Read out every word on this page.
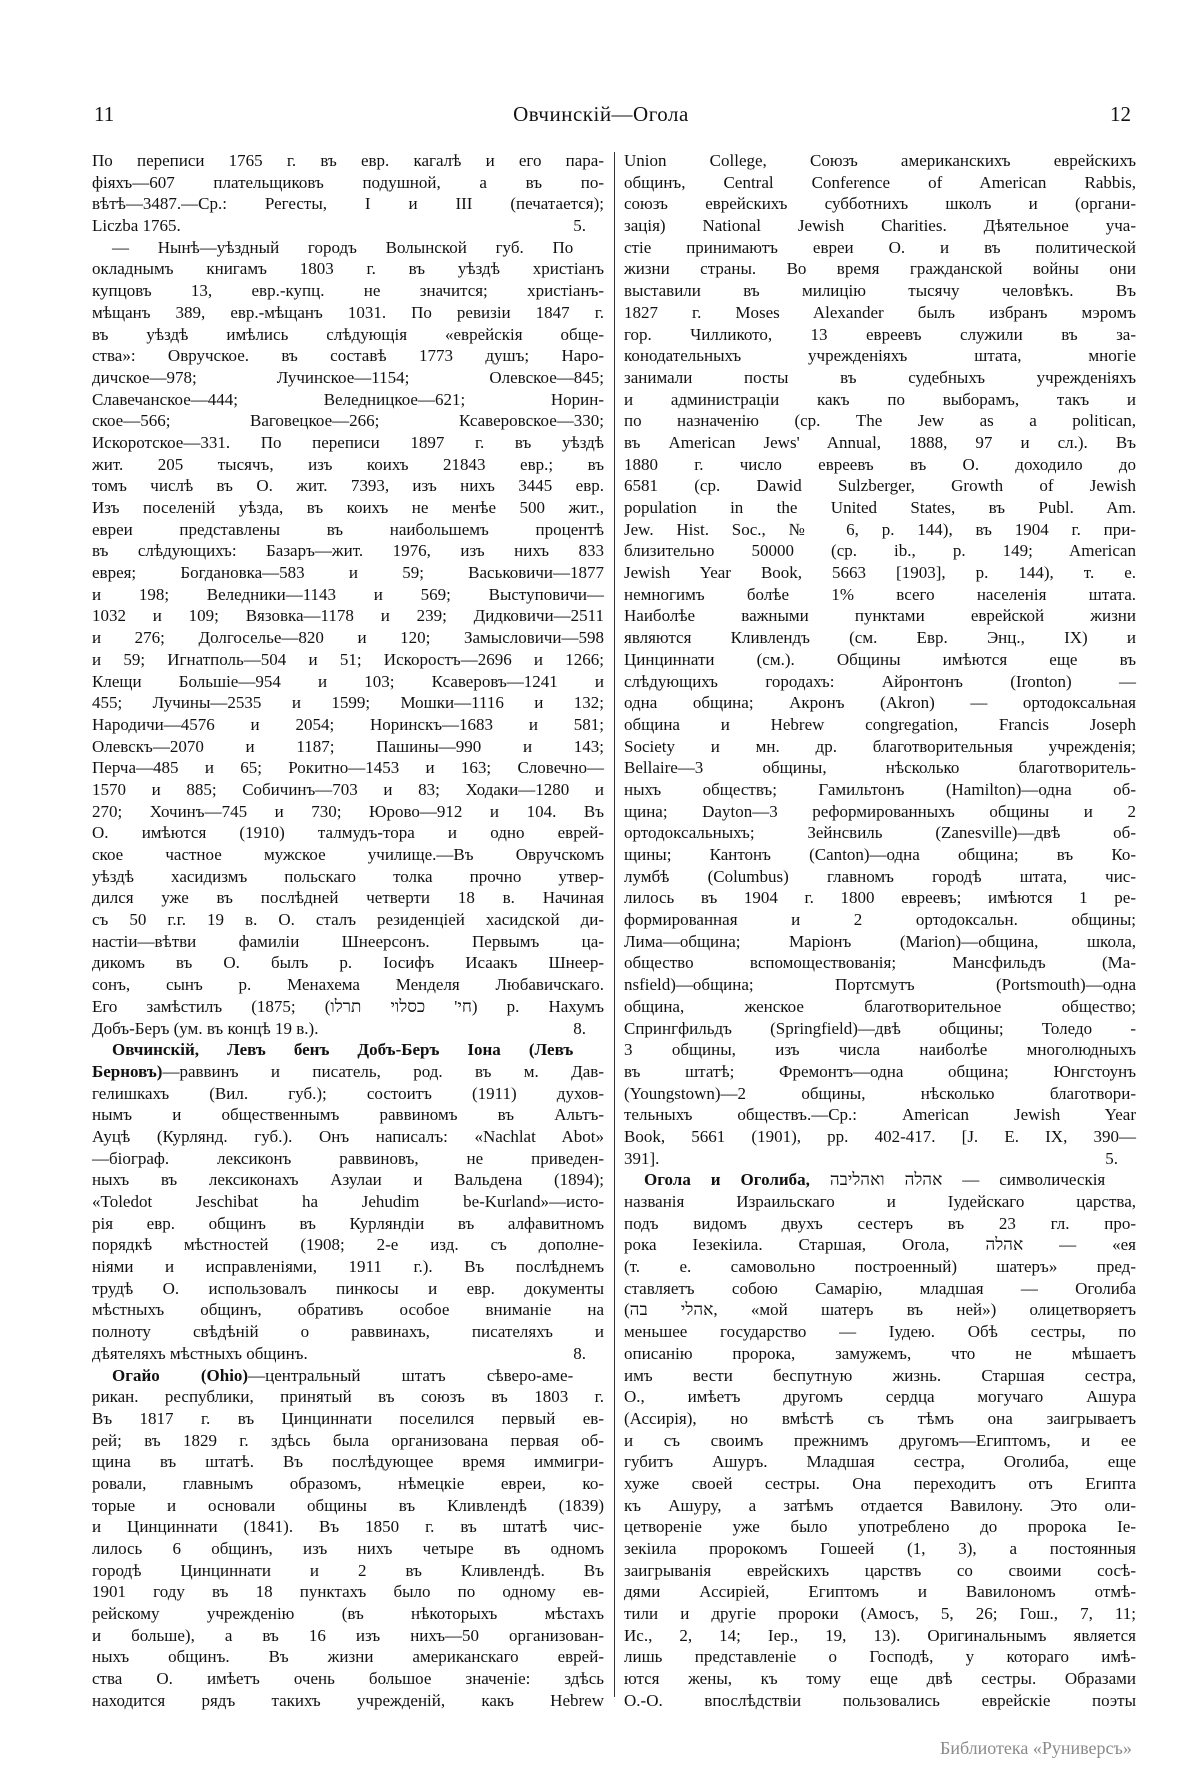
11	Овчинскій—Огола	12
По переписи 1765 г. въ евр. кагалѣ и его пара-
фіяхъ—607 плательщиковъ подушной, а въ по-
вѣтѣ—3487.—Ср.: Регесты, I и III (печатается);
5.
Liczba 1765.
— Нынѣ—уѣздный городъ Волынской губ. По
окладнымъ книгамъ 1803 г. въ уѣздѣ христіанъ
купцовъ 13, евр.-купц. не значится; христіанъ-
мѣщанъ 389, евр.-мѣщанъ 1031. По ревизіи 1847 г.
въ уѣздѣ имѣлись слѣдующія «еврейскія обще-
ства»: Овручское. въ составѣ 1773 душъ; Наро-
дичское—978; Лучинское—1154; Олевское—845;
Славечанское—444; Веледницкое—621; Норин-
ское—566; Ваговецкое—266; Ксаверовское—330;
Искоротское—331. По переписи 1897 г. въ уѣздѣ
жит. 205 тысячъ, изъ коихъ 21843 евр.; въ
томъ числѣ въ О. жит. 7393, изъ нихъ 3445 евр.
Изъ поселеній уѣзда, въ коихъ не менѣе 500 жит.,
евреи представлены въ наибольшемъ процентѣ
въ слѣдующихъ: Базаръ—жит. 1976, изъ нихъ 833
еврея; Богдановка—583 и 59; Васьковичи—1877
и 198; Веледники—1143 и 569; Выступовичи—
1032 и 109; Вязовка—1178 и 239; Дидковичи—2511
и 276; Долгоселье—820 и 120; Замысловичи—598
и 59; Игнатполь—504 и 51; Искоростъ—2696 и 1266;
Клещи Большіе—954 и 103; Ксаверовъ—1241 и
455; Лучины—2535 и 1599; Мошки—1116 и 132;
Народичи—4576 и 2054; Норинскъ—1683 и 581;
Олевскъ—2070 и 1187; Пашины—990 и 143;
Перча—485 и 65; Рокитно—1453 и 163; Словечно—
1570 и 885; Собичинъ—703 и 83; Ходаки—1280 и
270; Хочинъ—745 и 730; Юрово—912 и 104. Въ
О. имѣются (1910) талмудъ-тора и одно еврей-
ское частное мужское училище.—Въ Овручскомъ
уѣздѣ хасидизмъ польскаго толка прочно утвер-
дился уже въ послѣдней четверти 18 в. Начиная
съ 50 г.г. 19 в. О. сталъ резиденціей хасидской ди-
настіи—вѣтви фамиліи Шнеерсонъ. Первымъ ца-
дикомъ въ О. былъ р. Іосифъ Исаакъ Шнеер-
сонъ, сынъ р. Менахема Менделя Любавичскаго.
Его замѣстилъ (1875; (חי' כסלוי תרלו) р. Нахумъ
8.
Добъ-Беръ (ум. въ концѣ 19 в.).
Овчинскій, Левъ бенъ Добъ-Беръ Іона (Левъ
Берновъ)—раввинъ и писатель, род. въ м. Дав-
гелишкахъ (Вил. губ.); состоитъ (1911) духов-
нымъ и общественнымъ раввиномъ въ Альтъ-
Ауцѣ (Курлянд. губ.). Онъ написалъ: «Nachlat Abot»
—біограф. лексиконъ раввиновъ, не приведен-
ныхъ въ лексиконахъ Азулаи и Вальдена (1894);
«Toledot Jeschibat ha Jehudim be-Kurland»—исто-
рія евр. общинъ въ Курляндіи въ алфавитномъ
порядкѣ мѣстностей (1908; 2-е изд. съ дополне-
ніями и исправленіями, 1911 г.). Въ послѣднемъ
трудѣ О. использовалъ пинкосы и евр. документы
мѣстныхъ общинъ, обративъ особое вниманіе на
полноту свѣдѣній о раввинахъ, писателяхъ и
8.
дѣятеляхъ мѣстныхъ общинъ.
Огайо (Ohio)—центральный штатъ сѣверо-аме-
рикан. республики, принятый въ союзъ въ 1803 г.
Въ 1817 г. въ Цинциннати поселился первый ев-
рей; въ 1829 г. здѣсь была организована первая об-
щина въ штатѣ. Въ послѣдующее время иммигри-
ровали, главнымъ образомъ, нѣмецкіе евреи, ко-
торые и основали общины въ Кливлендѣ (1839)
и Цинциннати (1841). Въ 1850 г. въ штатѣ чис-
лилось 6 общинъ, изъ нихъ четыре въ одномъ
городѣ Цинциннати и 2 въ Кливлендѣ. Въ
1901 году въ 18 пунктахъ было по одному ев-
рейскому учрежденію (въ нѣкоторыхъ мѣстахъ
и больше), а въ 16 изъ нихъ—50 организован-
ныхъ общинъ. Въ жизни американскаго еврей-
ства О. имѣетъ очень большое значеніе: здѣсь
находится рядъ такихъ учрежденій, какъ Hebrew
Union College, Союзъ американскихъ еврейскихъ
общинъ, Central Conference of American Rabbis,
союзъ еврейскихъ субботнихъ школъ и (органи-
зація) National Jewish Charities. Дѣятельное уча-
стіе принимаютъ евреи О. и въ политической
жизни страны. Во время гражданской войны они
выставили въ милицію тысячу человѣкъ. Въ
1827 г. Moses Alexander былъ избранъ мэромъ
гор. Чилликото, 13 евреевъ служили въ за-
конодательныхъ учрежденіяхъ штата, многіе
занимали посты въ судебныхъ учрежденіяхъ
и администраціи какъ по выборамъ, такъ и
по назначенію (ср. The Jew as a politican,
въ American Jews' Annual, 1888, 97 и сл.). Въ
1880 г. число евреевъ въ О. доходило до
6581 (ср. Dawid Sulzberger, Growth of Jewish
population in the United States, въ Publ. Am.
Jew. Hist. Soc., № 6, p. 144), въ 1904 г. при-
близительно 50000 (ср. ib., p. 149; American
Jewish Year Book, 5663 [1903], p. 144), т. е.
немногимъ болѣе 1% всего населенія штата.
Наиболѣе важными пунктами еврейской жизни
являются Кливлендъ (см. Евр. Энц., IX) и
Цинциннати (см.). Общины имѣются еще въ
слѣдующихъ городахъ: Айронтонъ (Ironton) —
одна община; Акронъ (Akron) — ортодоксальная
община и Hebrew congregation, Francis Joseph
Society и мн. др. благотворительныя учрежденія;
Bellaire—3 общины, нѣсколько благотворитель-
ныхъ обществъ; Гамильтонъ (Hamilton)—одна об-
щина; Dayton—3 реформированныхъ общины и 2
ортодоксальныхъ; Зейнсвиль (Zanesville)—двѣ об-
щины; Кантонъ (Canton)—одна община; въ Ко-
лумбѣ (Columbus) главномъ городѣ штата, чис-
лилось въ 1904 г. 1800 евреевъ; имѣются 1 ре-
формированная и 2 ортодоксальн. общины;
Лима—община; Маріонъ (Marion)—община, школа,
общество вспомоществованія; Мансфильдъ (Ma-
nsfield)—община; Портсмутъ (Portsmouth)—одна
община, женское благотворительное общество;
Спрингфильдъ (Springfield)—двѣ общины; Толедо -
3 общины, изъ числа наиболѣе многолюдныхъ
въ штатѣ; Фремонтъ—одна община; Юнгстоунъ
(Youngstown)—2 общины, нѣсколько благотвори-
тельныхъ обществъ.—Ср.: American Jewish Year
Book, 5661 (1901), pp. 402-417. [J. E. IX, 390—
5.
391].
Огола и Оголиба, אהלה ואהליבה — символическія
названія Израильскаго и Іудейскаго царства,
подъ видомъ двухъ сестеръ въ 23 гл. про-
рока Іезекіила. Старшая, Огола, אהלה — «ея
(т. е. самовольно построенный) шатеръ» пред-
ставляетъ собою Самарію, младшая — Оголиба
(אהלי בה, «мой шатеръ въ ней») олицетворяетъ
меньшее государство — Іудею. Обѣ сестры, по
описанію пророка, замужемъ, что не мѣшаетъ
имъ вести беспутную жизнь. Старшая сестра,
О., имѣетъ другомъ сердца могучаго Ашура
(Ассирія), но вмѣстѣ съ тѣмъ она заигрываетъ
и съ своимъ прежнимъ другомъ—Египтомъ, и ее
губитъ Ашуръ. Младшая сестра, Оголиба, еще
хуже своей сестры. Она переходитъ отъ Египта
къ Ашуру, а затѣмъ отдается Вавилону. Это оли-
цетвореніе уже было употреблено до пророка Іе-
зекіила пророкомъ Гошеей (1, 3), а постоянныя
заигрыванія еврейскихъ царствъ со своими сосѣ-
дями Ассиріей, Египтомъ и Вавилономъ отмѣ-
тили и другіе пророки (Амосъ, 5, 26; Гош., 7, 11;
Ис., 2, 14; Іер., 19, 13). Оригинальнымъ является
лишь представленіе о Господѣ, у котораго имѣ-
ются жены, къ тому еще двѣ сестры. Образами
О.-О. впослѣдствіи пользовались еврейскіе поэты
Библиотека «Руниверсъ»
